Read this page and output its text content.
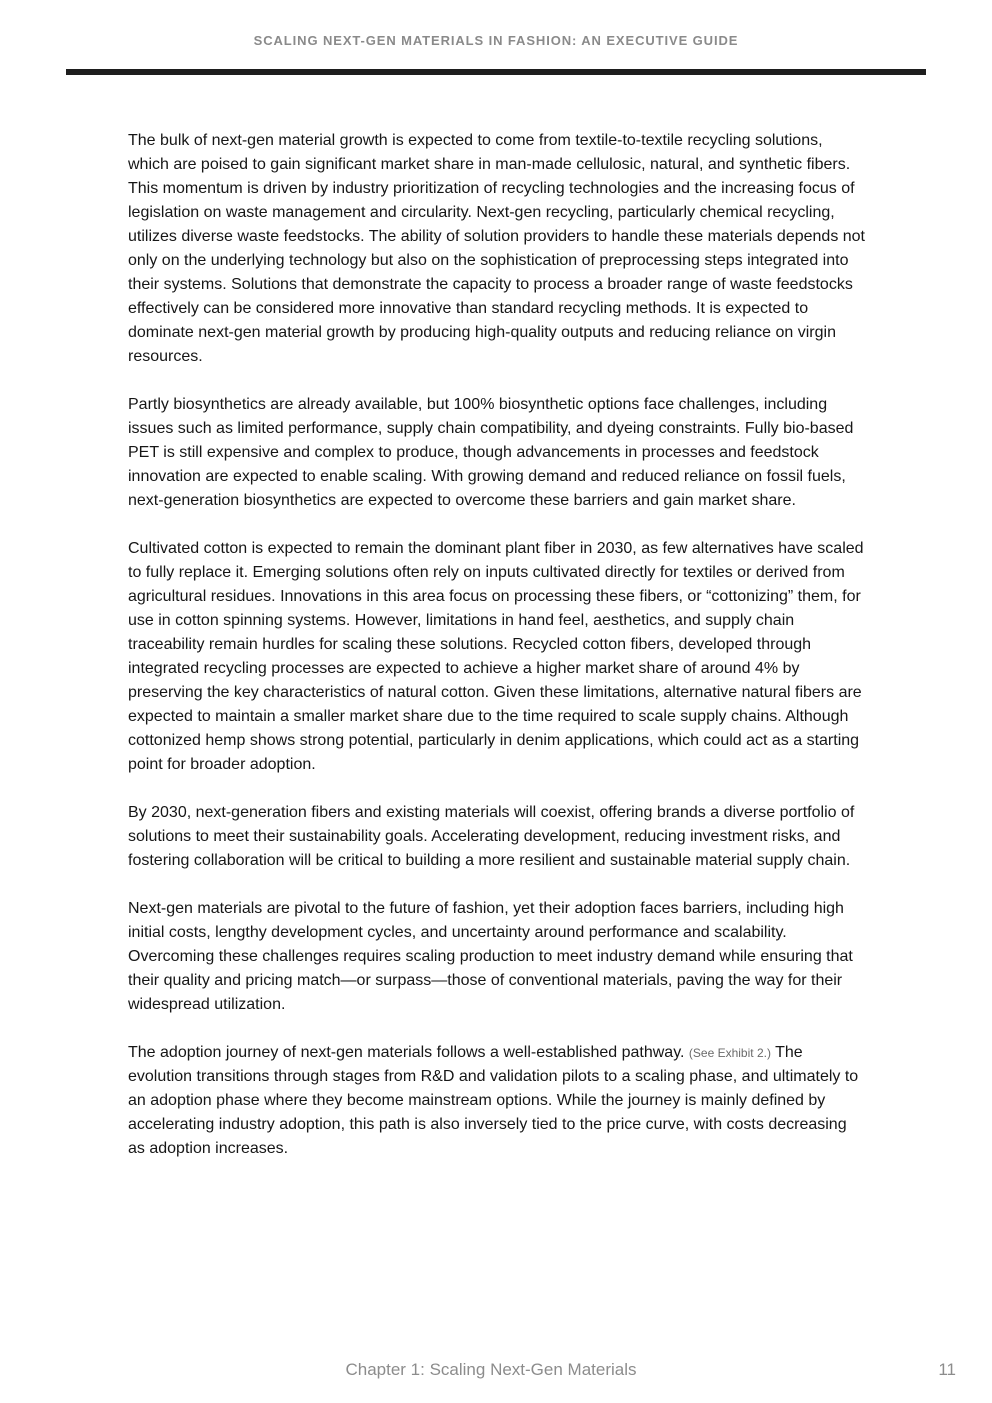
SCALING NEXT-GEN MATERIALS IN FASHION: AN EXECUTIVE GUIDE

The bulk of next-gen material growth is expected to come from textile-to-textile recycling solutions, which are poised to gain significant market share in man-made cellulosic, natural, and synthetic fibers. This momentum is driven by industry prioritization of recycling technologies and the increasing focus of legislation on waste management and circularity. Next-gen recycling, particularly chemical recycling, utilizes diverse waste feedstocks. The ability of solution providers to handle these materials depends not only on the underlying technology but also on the sophistication of preprocessing steps integrated into their systems. Solutions that demonstrate the capacity to process a broader range of waste feedstocks effectively can be considered more innovative than standard recycling methods. It is expected to dominate next-gen material growth by producing high-quality outputs and reducing reliance on virgin resources.

Partly biosynthetics are already available, but 100% biosynthetic options face challenges, including issues such as limited performance, supply chain compatibility, and dyeing constraints. Fully bio-based PET is still expensive and complex to produce, though advancements in processes and feedstock innovation are expected to enable scaling. With growing demand and reduced reliance on fossil fuels, next-generation biosynthetics are expected to overcome these barriers and gain market share.

Cultivated cotton is expected to remain the dominant plant fiber in 2030, as few alternatives have scaled to fully replace it. Emerging solutions often rely on inputs cultivated directly for textiles or derived from agricultural residues. Innovations in this area focus on processing these fibers, or “cottonizing” them, for use in cotton spinning systems. However, limitations in hand feel, aesthetics, and supply chain traceability remain hurdles for scaling these solutions. Recycled cotton fibers, developed through integrated recycling processes are expected to achieve a higher market share of around 4% by preserving the key characteristics of natural cotton. Given these limitations, alternative natural fibers are expected to maintain a smaller market share due to the time required to scale supply chains. Although cottonized hemp shows strong potential, particularly in denim applications, which could act as a starting point for broader adoption.

By 2030, next-generation fibers and existing materials will coexist, offering brands a diverse portfolio of solutions to meet their sustainability goals. Accelerating development, reducing investment risks, and fostering collaboration will be critical to building a more resilient and sustainable material supply chain.

Next-gen materials are pivotal to the future of fashion, yet their adoption faces barriers, including high initial costs, lengthy development cycles, and uncertainty around performance and scalability. Overcoming these challenges requires scaling production to meet industry demand while ensuring that their quality and pricing match—or surpass—those of conventional materials, paving the way for their widespread utilization.

The adoption journey of next-gen materials follows a well-established pathway. (See Exhibit 2.) The evolution transitions through stages from R&D and validation pilots to a scaling phase, and ultimately to an adoption phase where they become mainstream options. While the journey is mainly defined by accelerating industry adoption, this path is also inversely tied to the price curve, with costs decreasing as adoption increases.

Chapter 1: Scaling Next-Gen Materials	11
